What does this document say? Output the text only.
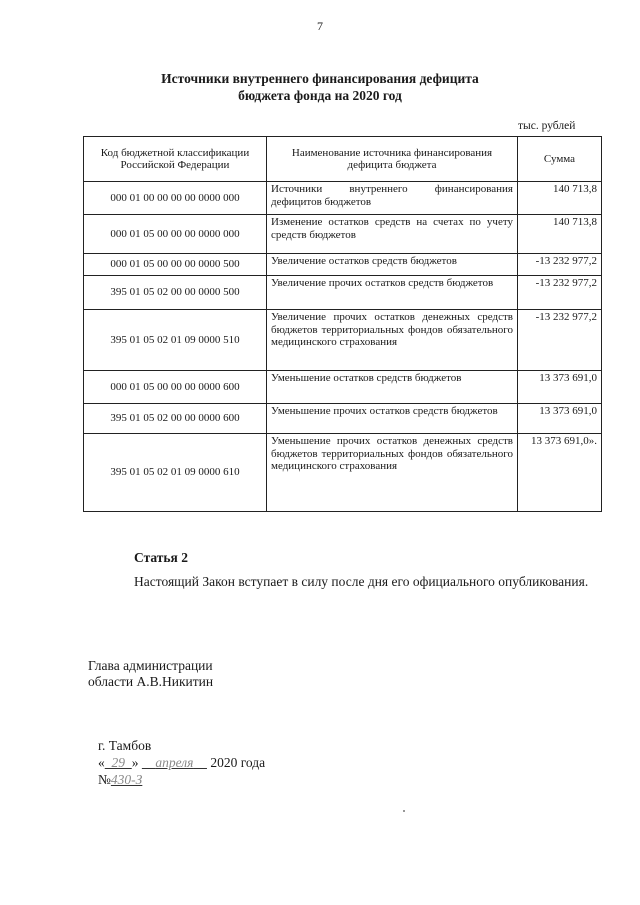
7
Источники внутреннего финансирования дефицита
бюджета фонда на 2020 год
тыс. рублей
Код бюджетной классификации Российской Федерации	Наименование источника финансирования дефицита бюджета	Сумма
000 01 00 00 00 00 0000 000	Источники внутреннего финансирования дефицитов бюджетов	140 713,8
000 01 05 00 00 00 0000 000	Изменение остатков средств на счетах по учету средств бюджетов	140 713,8
000 01 05 00 00 00 0000 500	Увеличение остатков средств бюджетов	-13 232 977,2
395 01 05 02 00 00 0000 500	Увеличение прочих остатков средств бюджетов	-13 232 977,2
395 01 05 02 01 09 0000 510	Увеличение прочих остатков денежных средств бюджетов территориальных фондов обязательного медицинского страхования	-13 232 977,2
000 01 05 00 00 00 0000 600	Уменьшение остатков средств бюджетов	13 373 691,0
395 01 05 02 00 00 0000 600	Уменьшение прочих остатков средств бюджетов	13 373 691,0
395 01 05 02 01 09 0000 610	Уменьшение прочих остатков денежных средств бюджетов территориальных фондов обязательного медицинского страхования	13 373 691,0».
Статья 2
Настоящий Закон вступает в силу после дня его официального опубликования.
Глава администрации
области А.В.Никитин
г. Тамбов
« 29 » апреля 2020 года
№430-З
